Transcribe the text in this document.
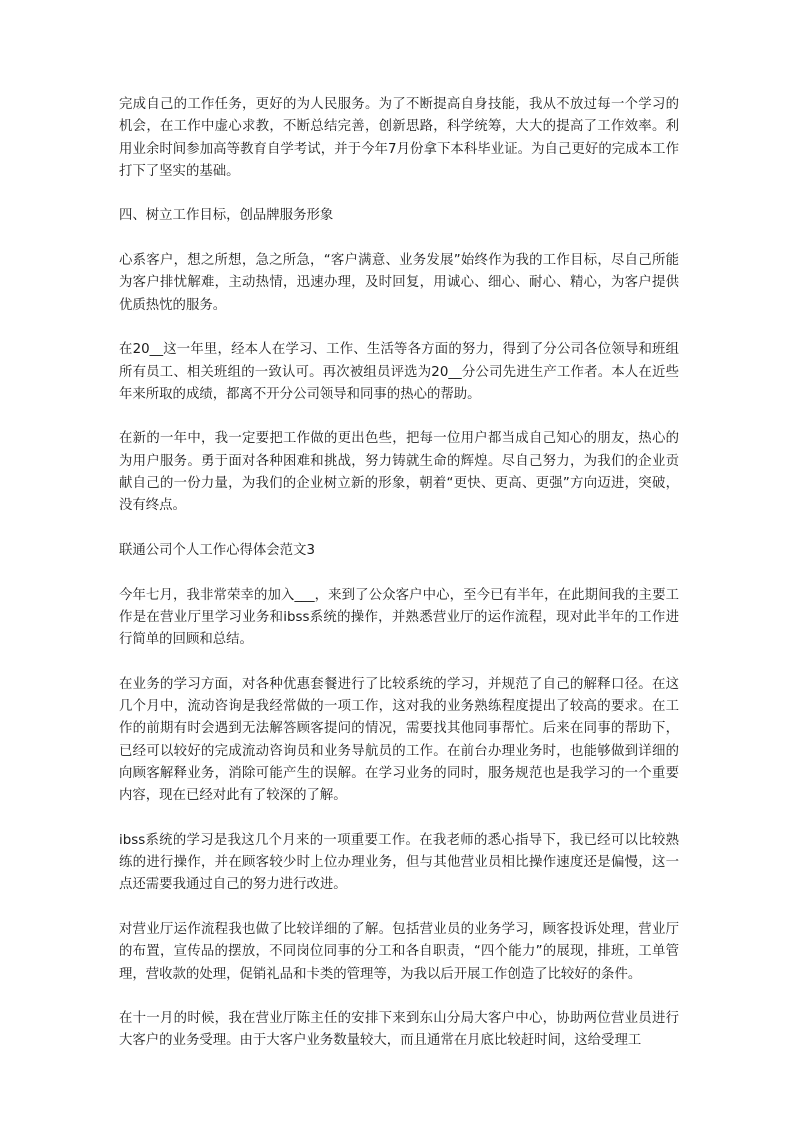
完成自己的工作任务，更好的为人民服务。为了不断提高自身技能，我从不放过每一个学习的机会，在工作中虚心求教，不断总结完善，创新思路，科学统筹，大大的提高了工作效率。利用业余时间参加高等教育自学考试，并于今年7月份拿下本科毕业证。为自己更好的完成本工作打下了坚实的基础。

四、树立工作目标，创品牌服务形象

心系客户，想之所想，急之所急，“客户满意、业务发展”始终作为我的工作目标，尽自己所能为客户排忧解难，主动热情，迅速办理，及时回复，用诚心、细心、耐心、精心，为客户提供优质热忱的服务。

在20__这一年里，经本人在学习、工作、生活等各方面的努力，得到了分公司各位领导和班组所有员工、相关班组的一致认可。再次被组员评选为20__分公司先进生产工作者。本人在近些年来所取的成绩，都离不开分公司领导和同事的热心的帮助。

在新的一年中，我一定要把工作做的更出色些，把每一位用户都当成自己知心的朋友，热心的为用户服务。勇于面对各种困难和挑战，努力铸就生命的辉煌。尽自己努力，为我们的企业贡献自己的一份力量，为我们的企业树立新的形象，朝着“更快、更高、更强”方向迈进，突破，没有终点。

联通公司个人工作心得体会范文3

今年七月，我非常荣幸的加入___，来到了公众客户中心，至今已有半年，在此期间我的主要工作是在营业厅里学习业务和ibss系统的操作，并熟悉营业厅的运作流程，现对此半年的工作进行简单的回顾和总结。

在业务的学习方面，对各种优惠套餐进行了比较系统的学习，并规范了自己的解释口径。在这几个月中，流动咨询是我经常做的一项工作，这对我的业务熟练程度提出了较高的要求。在工作的前期有时会遇到无法解答顾客提问的情况，需要找其他同事帮忙。后来在同事的帮助下，已经可以较好的完成流动咨询员和业务导航员的工作。在前台办理业务时，也能够做到详细的向顾客解释业务，消除可能产生的误解。在学习业务的同时，服务规范也是我学习的一个重要内容，现在已经对此有了较深的了解。

ibss系统的学习是我这几个月来的一项重要工作。在我老师的悉心指导下，我已经可以比较熟练的进行操作，并在顾客较少时上位办理业务，但与其他营业员相比操作速度还是偏慢，这一点还需要我通过自己的努力进行改进。

对营业厅运作流程我也做了比较详细的了解。包括营业员的业务学习，顾客投诉处理，营业厅的布置，宣传品的摆放，不同岗位同事的分工和各自职责，“四个能力”的展现，排班，工单管理，营收款的处理，促销礼品和卡类的管理等，为我以后开展工作创造了比较好的条件。

在十一月的时候，我在营业厅陈主任的安排下来到东山分局大客户中心，协助两位营业员进行大客户的业务受理。由于大客户业务数量较大，而且通常在月底比较赶时间，这给受理工
